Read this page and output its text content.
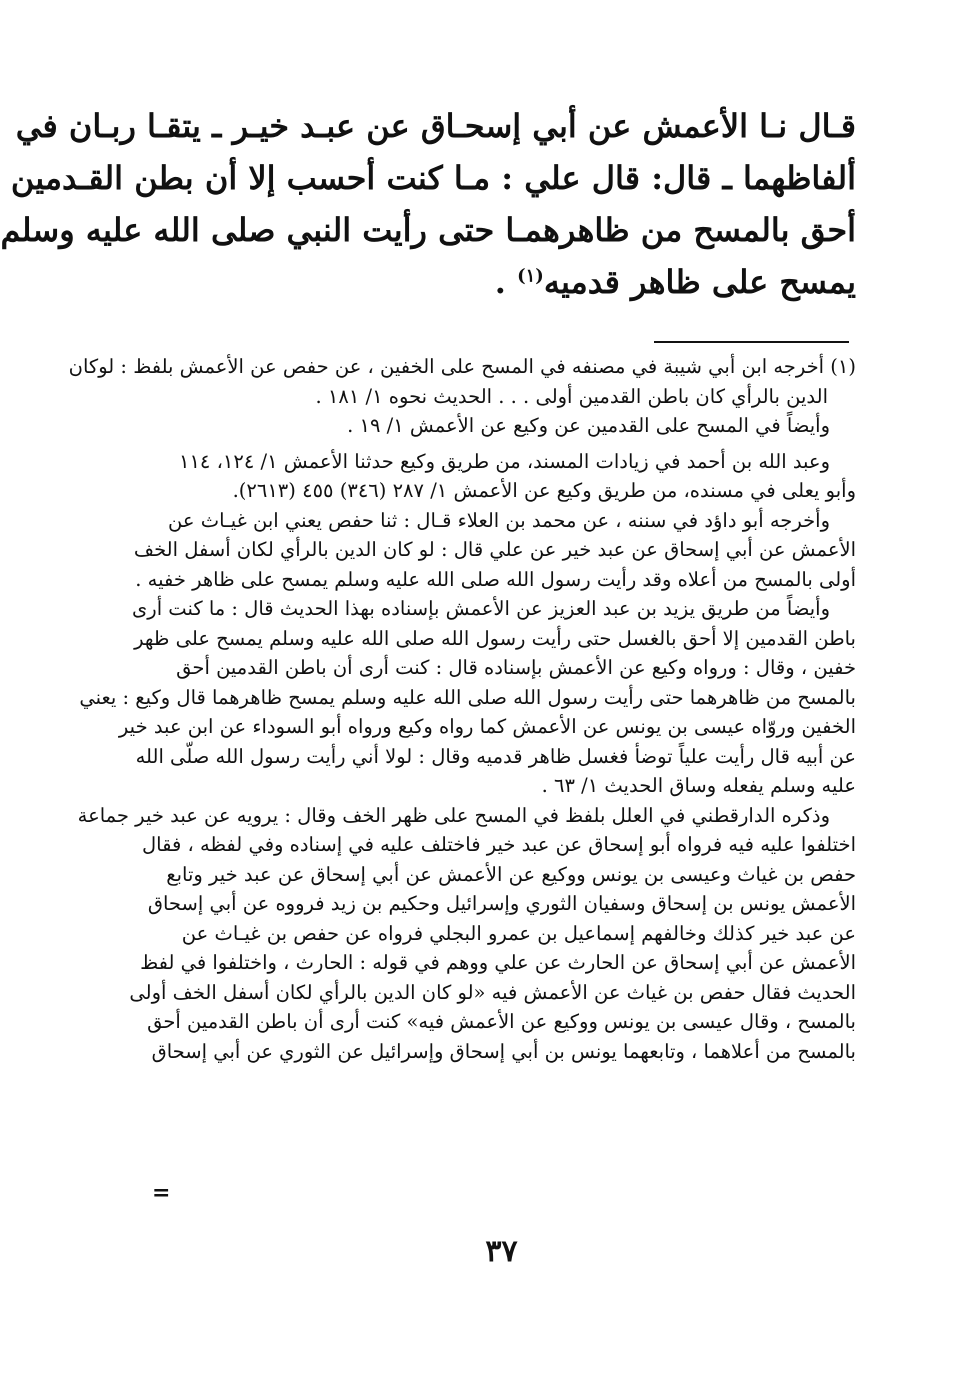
قـال نـا الأعمش عن أبي إسحـاق عن عبـد خيـر ـ يتقـا ربـان في
ألفاظهما ـ قال: قال علي : مـا كنت أحسب إلا أن بطن القـدمين
أحق بالمسح من ظاهرهمـا حتى رأيت النبي صلى الله عليه وسلم
يمسح على ظاهر قدميه$^{(١)}$ .
(١) أخرجه ابن أبي شيبة في مصنفه في المسح على الخفين ، عن حفص عن الأعمش بلفظ : لوكان
الدين بالرأي كان باطن القدمين أولى . . . الحديث نحوه ١/ ١٨١ .
وأيضاً في المسح على القدمين عن وكيع عن الأعمش ١/ ١٩ .
وعبد الله بن أحمد في زيادات المسند، من طريق وكيع حدثنا الأعمش ١/ ١٢٤، ١١٤
وأبو يعلى في مسنده، من طريق وكيع عن الأعمش ١/ ٢٨٧ (٣٤٦) ٤٥٥ (٢٦١٣).
وأخرجه أبو داؤد في سننه ، عن محمد بن العلاء قـال : ثنا حفص يعني ابن غيـاث عن
الأعمش عن أبي إسحاق عن عبد خير عن علي قال : لو كان الدين بالرأي لكان أسفل الخف
أولى بالمسح من أعلاه وقد رأيت رسول الله صلى الله عليه وسلم يمسح على ظاهر خفيه .
وأيضاً من طريق يزيد بن عبد العزيز عن الأعمش بإسناده بهذا الحديث قال : ما كنت أرى
باطن القدمين إلا أحق بالغسل حتى رأيت رسول الله صلى الله عليه وسلم يمسح على ظهر
خفين ، وقال : ورواه وكيع عن الأعمش بإسناده قال : كنت أرى أن باطن القدمين أحق
بالمسح من ظاهرهما حتى رأيت رسول الله صلى الله عليه وسلم يمسح ظاهرهما قال وكيع : يعني
الخفين وروّاه عيسى بن يونس عن الأعمش كما رواه وكيع ورواه أبو السوداء عن ابن عبد خير
عن أبيه قال رأيت علياً توضأ فغسل ظاهر قدميه وقال : لولا أني رأيت رسول الله صلّى الله
عليه وسلم يفعله وساق الحديث ١/ ٦٣ .
وذكره الدارقطني في العلل بلفظ في المسح على ظهر الخف وقال : يرويه عن عبد خير جماعة
اختلفوا عليه فيه فرواه أبو إسحاق عن عبد خير فاختلف عليه في إسناده وفي لفظه ، فقال
حفص بن غياث وعيسى بن يونس ووكيع عن الأعمش عن أبي إسحاق عن عبد خير وتابع
الأعمش يونس بن إسحاق وسفيان الثوري وإسرائيل وحكيم بن زيد فرووه عن أبي إسحاق
عن عبد خير كذلك وخالفهم إسماعيل بن عمرو البجلي فرواه عن حفص بن غيـاث عن
الأعمش عن أبي إسحاق عن الحارث عن علي ووهم في قوله : الحارث ، واختلفوا في لفظ
الحديث فقال حفص بن غياث عن الأعمش فيه «لو كان الدين بالرأي لكان أسفل الخف أولى
بالمسح ، وقال عيسى بن يونس ووكيع عن الأعمش فيه» كنت أرى أن باطن القدمين أحق
بالمسح من أعلاهما ، وتابعهما يونس بن أبي إسحاق وإسرائيل عن الثوري عن أبي إسحاق
=
٣٧
